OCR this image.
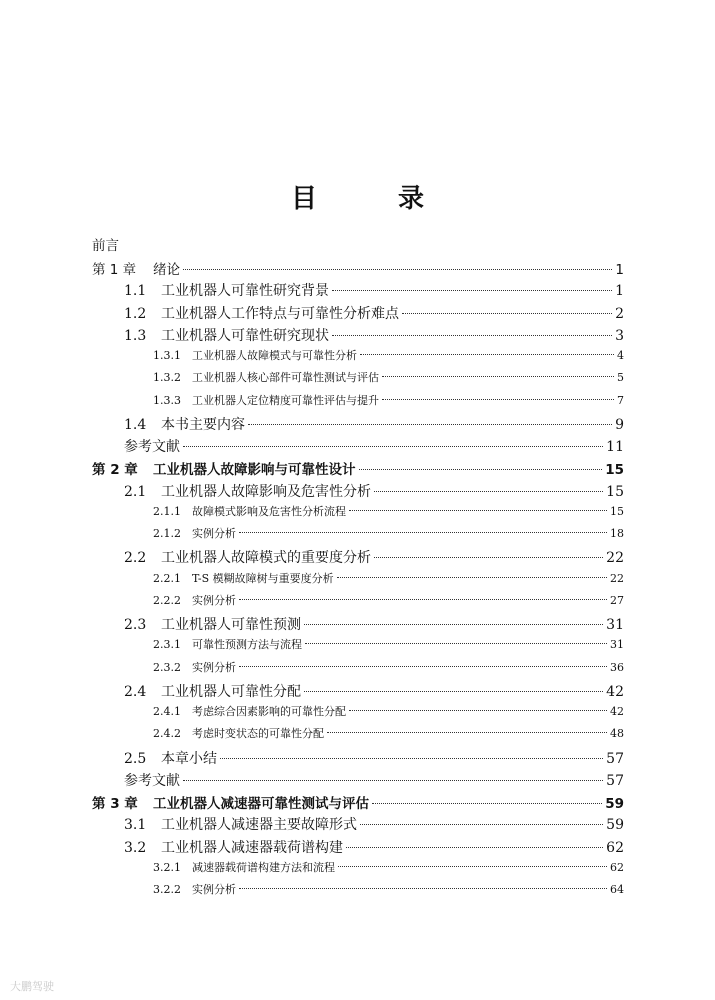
目 录
前言
第 1 章	绪论	1
1.1	工业机器人可靠性研究背景	1
1.2	工业机器人工作特点与可靠性分析难点	2
1.3	工业机器人可靠性研究现状	3
1.3.1	工业机器人故障模式与可靠性分析	4
1.3.2	工业机器人核心部件可靠性测试与评估	5
1.3.3	工业机器人定位精度可靠性评估与提升	7
1.4	本书主要内容	9
参考文献	11
第 2 章	工业机器人故障影响与可靠性设计	15
2.1	工业机器人故障影响及危害性分析	15
2.1.1	故障模式影响及危害性分析流程	15
2.1.2	实例分析	18
2.2	工业机器人故障模式的重要度分析	22
2.2.1	T-S 模糊故障树与重要度分析	22
2.2.2	实例分析	27
2.3	工业机器人可靠性预测	31
2.3.1	可靠性预测方法与流程	31
2.3.2	实例分析	36
2.4	工业机器人可靠性分配	42
2.4.1	考虑综合因素影响的可靠性分配	42
2.4.2	考虑时变状态的可靠性分配	48
2.5	本章小结	57
参考文献	57
第 3 章	工业机器人减速器可靠性测试与评估	59
3.1	工业机器人减速器主要故障形式	59
3.2	工业机器人减速器载荷谱构建	62
3.2.1	减速器载荷谱构建方法和流程	62
3.2.2	实例分析	64
大鹏驾驶
